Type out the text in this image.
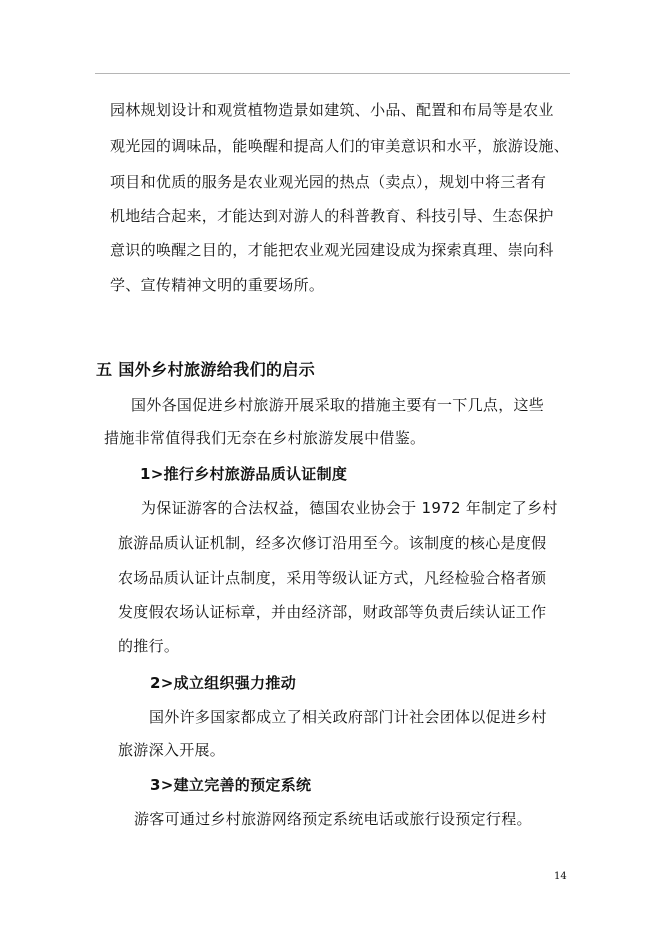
园林规划设计和观赏植物造景如建筑、小品、配置和布局等是农业
观光园的调味品，能唤醒和提高人们的审美意识和水平，旅游设施、
项目和优质的服务是农业观光园的热点（卖点），规划中将三者有
机地结合起来，才能达到对游人的科普教育、科技引导、生态保护
意识的唤醒之目的，才能把农业观光园建设成为探索真理、崇向科
学、宣传精神文明的重要场所。
五 国外乡村旅游给我们的启示
国外各国促进乡村旅游开展采取的措施主要有一下几点，这些
措施非常值得我们无奈在乡村旅游发展中借鉴。
1>推行乡村旅游品质认证制度
为保证游客的合法权益，德国农业协会于 1972 年制定了乡村
旅游品质认证机制，经多次修订沿用至今。该制度的核心是度假
农场品质认证计点制度，采用等级认证方式，凡经检验合格者颁
发度假农场认证标章，并由经济部，财政部等负责后续认证工作
的推行。
2>成立组织强力推动
国外许多国家都成立了相关政府部门计社会团体以促进乡村
旅游深入开展。
3>建立完善的预定系统
游客可通过乡村旅游网络预定系统电话或旅行设预定行程。
14
